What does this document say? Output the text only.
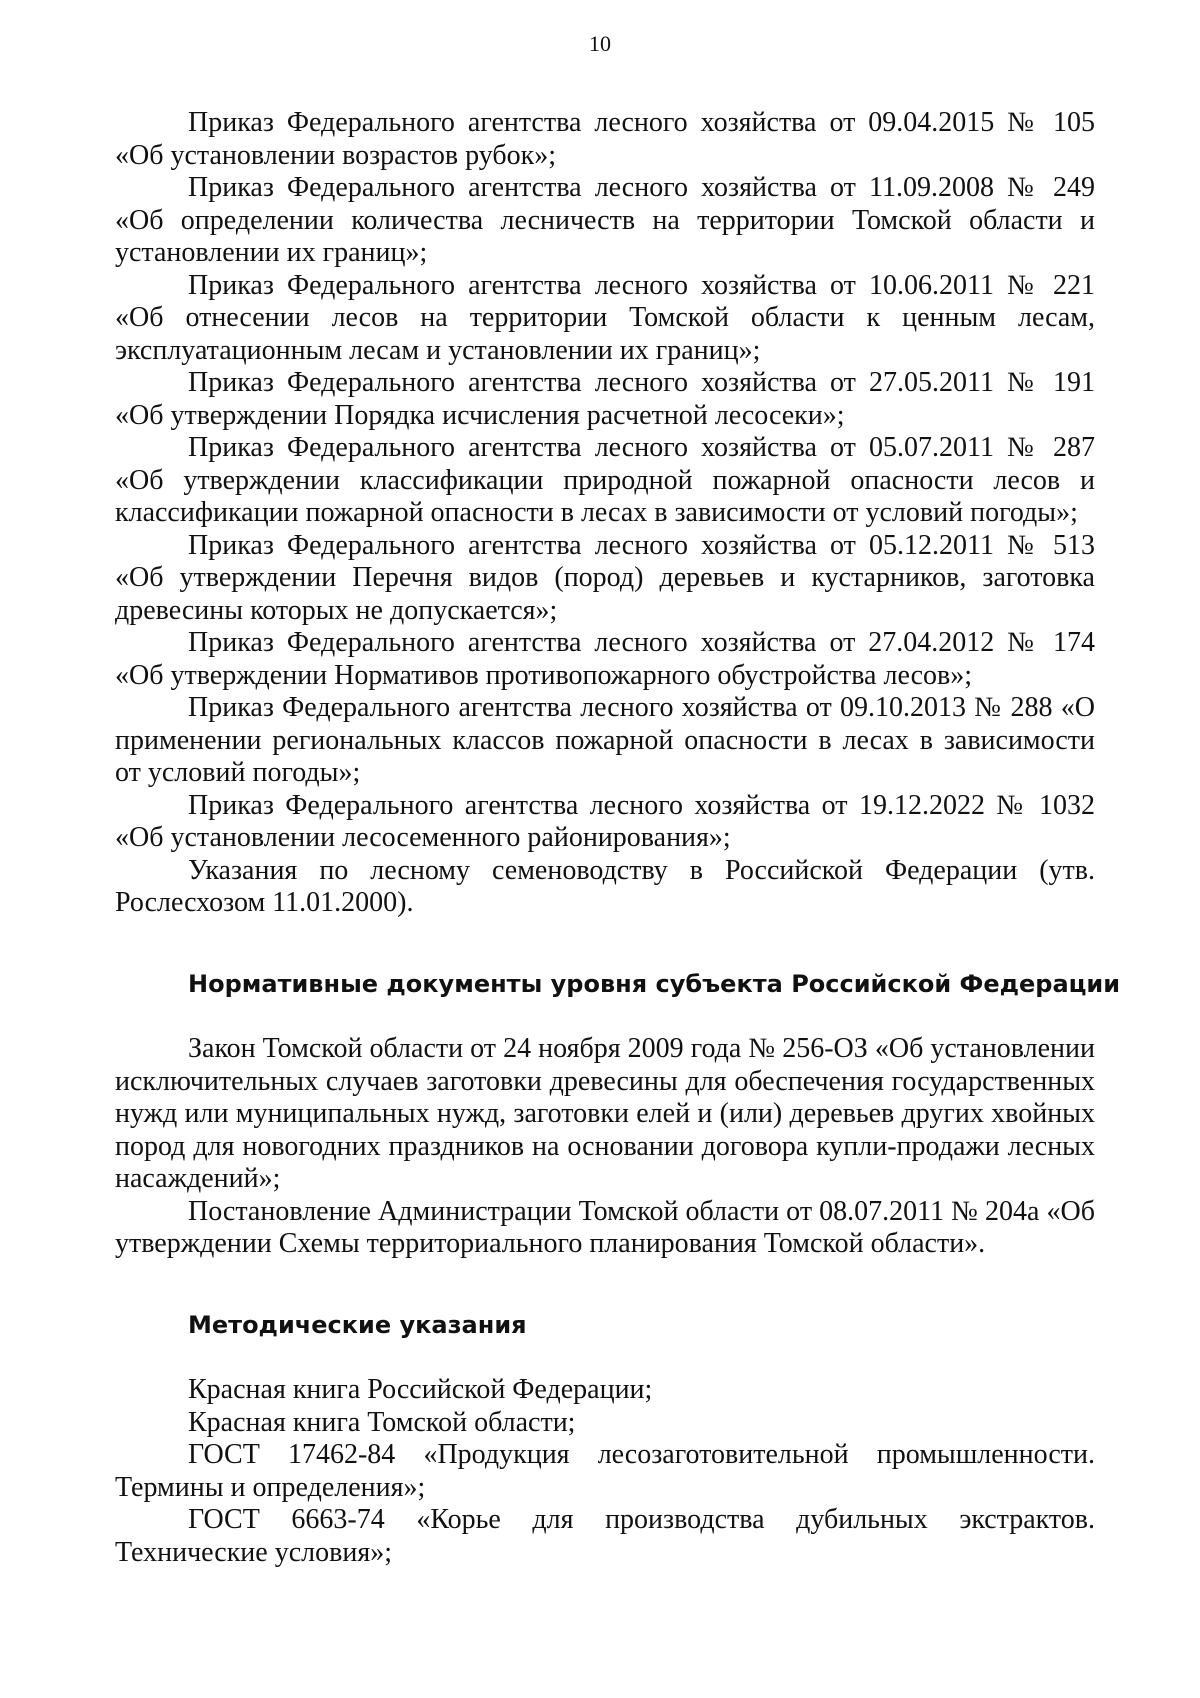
10

Приказ Федерального агентства лесного хозяйства от 09.04.2015 № 105 «Об установлении возрастов рубок»;

Приказ Федерального агентства лесного хозяйства от 11.09.2008 № 249 «Об определении количества лесничеств на территории Томской области и установлении их границ»;

Приказ Федерального агентства лесного хозяйства от 10.06.2011 № 221 «Об отнесении лесов на территории Томской области к ценным лесам, эксплуатационным лесам и установлении их границ»;

Приказ Федерального агентства лесного хозяйства от 27.05.2011 № 191 «Об утверждении Порядка исчисления расчетной лесосеки»;

Приказ Федерального агентства лесного хозяйства от 05.07.2011 № 287 «Об утверждении классификации природной пожарной опасности лесов и классификации пожарной опасности в лесах в зависимости от условий погоды»;

Приказ Федерального агентства лесного хозяйства от 05.12.2011 № 513 «Об утверждении Перечня видов (пород) деревьев и кустарников, заготовка древесины которых не допускается»;

Приказ Федерального агентства лесного хозяйства от 27.04.2012 № 174 «Об утверждении Нормативов противопожарного обустройства лесов»;

Приказ Федерального агентства лесного хозяйства от 09.10.2013 № 288 «О применении региональных классов пожарной опасности в лесах в зависимости от условий погоды»;

Приказ Федерального агентства лесного хозяйства от 19.12.2022 № 1032 «Об установлении лесосеменного районирования»;

Указания по лесному семеноводству в Российской Федерации (утв. Рослесхозом 11.01.2000).

Нормативные документы уровня субъекта Российской Федерации

Закон Томской области от 24 ноября 2009 года № 256-ОЗ «Об установлении исключительных случаев заготовки древесины для обеспечения государственных нужд или муниципальных нужд, заготовки елей и (или) деревьев других хвойных пород для новогодних праздников на основании договора купли-продажи лесных насаждений»;

Постановление Администрации Томской области от 08.07.2011 № 204а «Об утверждении Схемы территориального планирования Томской области».

Методические указания

Красная книга Российской Федерации;

Красная книга Томской области;

ГОСТ 17462-84 «Продукция лесозаготовительной промышленности. Термины и определения»;

ГОСТ 6663-74 «Корье для производства дубильных экстрактов. Технические условия»;
